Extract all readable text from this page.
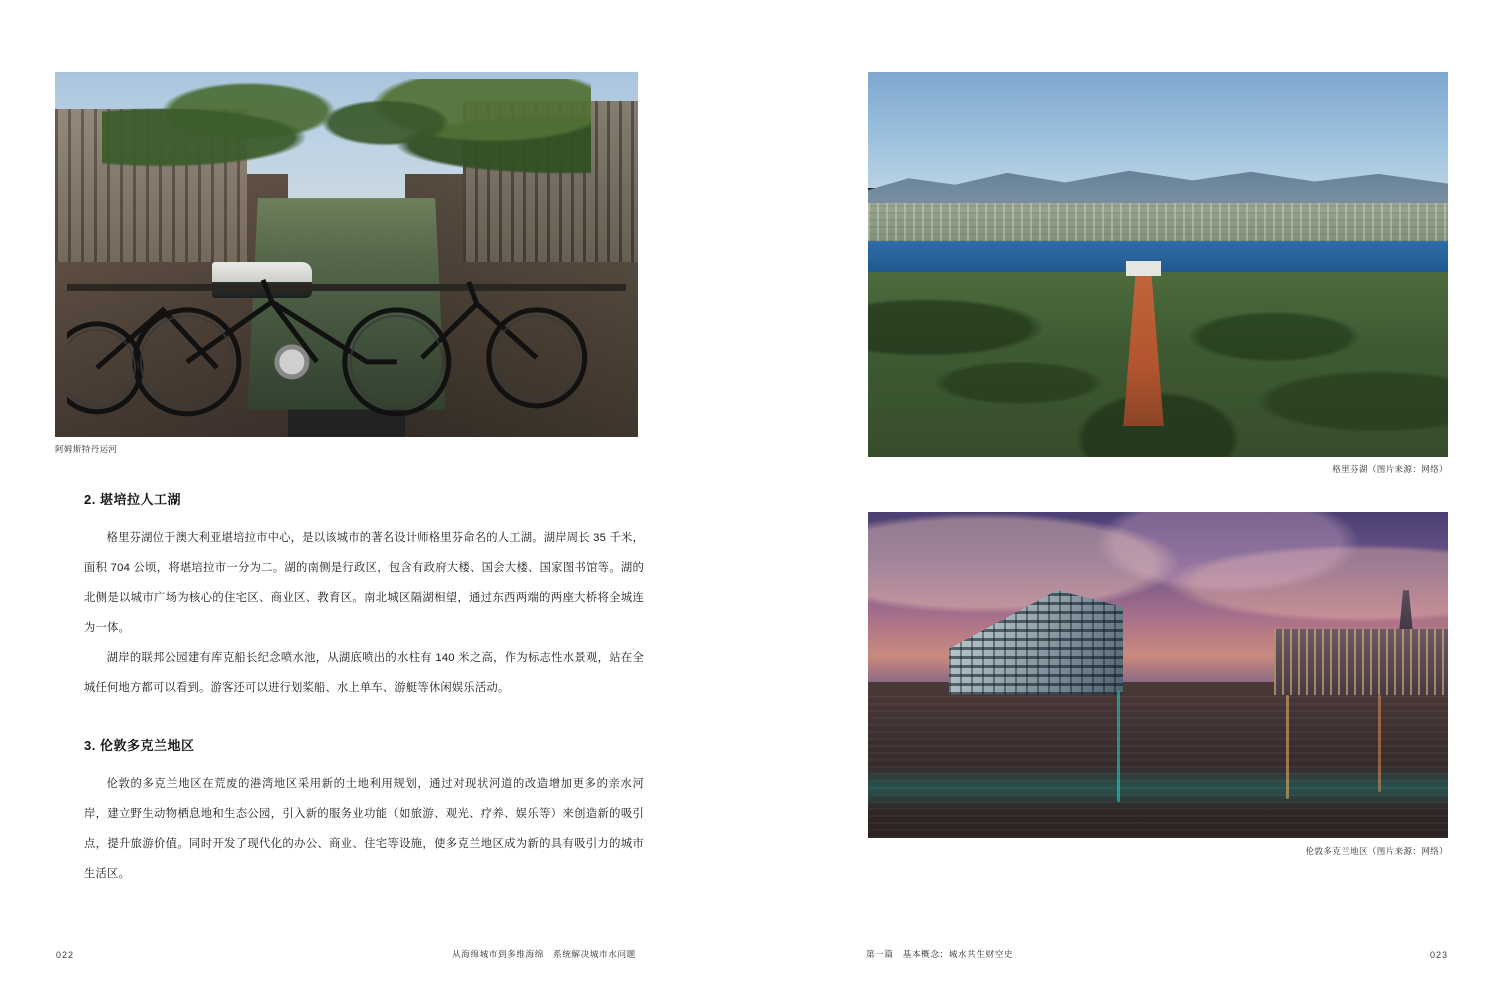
阿姆斯特丹运河
2. 堪培拉人工湖
格里芬湖位于澳大利亚堪培拉市中心，是以该城市的著名设计师格里芬命名的人工湖。湖岸周长 35 千米，面积 704 公顷，将堪培拉市一分为二。湖的南侧是行政区，包含有政府大楼、国会大楼、国家图书馆等。湖的北侧是以城市广场为核心的住宅区、商业区、教育区。南北城区隔湖相望，通过东西两端的两座大桥将全城连为一体。
湖岸的联邦公园建有库克船长纪念喷水池，从湖底喷出的水柱有 140 米之高，作为标志性水景观，站在全城任何地方都可以看到。游客还可以进行划桨船、水上单车、游艇等休闲娱乐活动。
3. 伦敦多克兰地区
伦敦的多克兰地区在荒废的港湾地区采用新的土地利用规划，通过对现状河道的改造增加更多的亲水河岸，建立野生动物栖息地和生态公园，引入新的服务业功能（如旅游、观光、疗养、娱乐等）来创造新的吸引点，提升旅游价值。同时开发了现代化的办公、商业、住宅等设施，使多克兰地区成为新的具有吸引力的城市生活区。
022	从海绵城市到多维海绵　系统解决城市水问题
格里芬湖（图片来源：网络）
伦敦多克兰地区（图片来源：网络）
023
第一篇　基本概念：城水共生财空史
